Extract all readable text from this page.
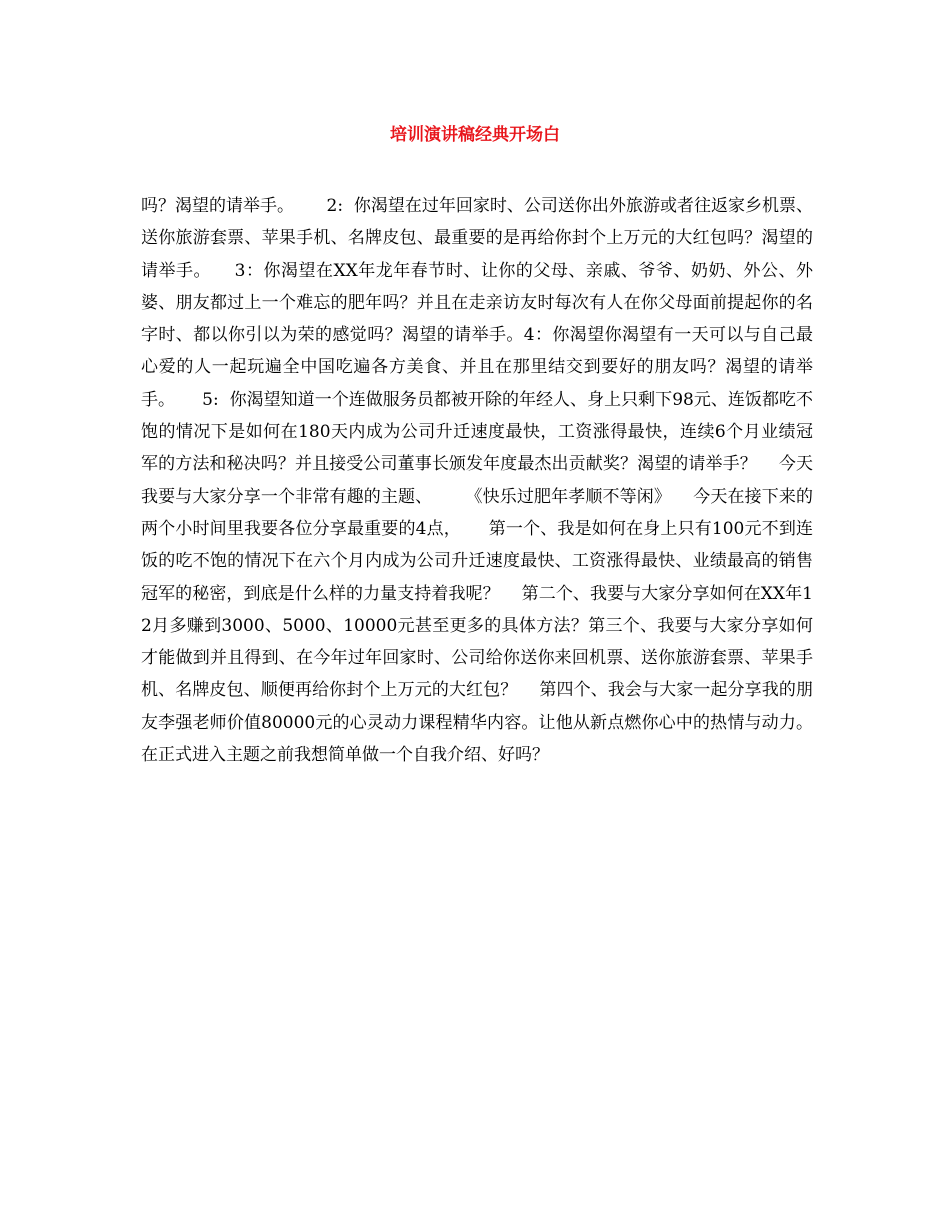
培训演讲稿经典开场白

吗？渴望的请举手。      2:  你渴望在过年回家时、公司送你出外旅游或者往返家乡机票、送你旅游套票、苹果手机、名牌皮包、最重要的是再给你封个上万元的大红包吗？渴望的请举手。    3：你渴望在XX年龙年春节时、让你的父母、亲戚、爷爷、奶奶、外公、外婆、朋友都过上一个难忘的肥年吗？并且在走亲访友时每次有人在你父母面前提起你的名字时、都以你引以为荣的感觉吗？渴望的请举手。4：你渴望你渴望有一天可以与自己最心爱的人一起玩遍全中国吃遍各方美食、并且在那里结交到要好的朋友吗？渴望的请举手。     5:  你渴望知道一个连做服务员都被开除的年经人、身上只剩下98元、连饭都吃不饱的情况下是如何在180天内成为公司升迁速度最快，工资涨得最快，连续6个月业绩冠军的方法和秘决吗？并且接受公司董事长颁发年度最杰出贡献奖？渴望的请举手？    今天我要与大家分享一个非常有趣的主题、      《快乐过肥年孝顺不等闲》    今天在接下来的两个小时间里我要各位分享最重要的4点，     第一个、我是如何在身上只有100元不到连饭的吃不饱的情况下在六个月内成为公司升迁速度最快、工资涨得最快、业绩最高的销售冠军的秘密，到底是什么样的力量支持着我呢？    第二个、我要与大家分享如何在XX年12月多赚到3000、5000、10000元甚至更多的具体方法？第三个、我要与大家分享如何才能做到并且得到、在今年过年回家时、公司给你送你来回机票、送你旅游套票、苹果手机、名牌皮包、顺便再给你封个上万元的大红包？    第四个、我会与大家一起分享我的朋友李强老师价值80000元的心灵动力课程精华内容。让他从新点燃你心中的热情与动力。     在正式进入主题之前我想简单做一个自我介绍、好吗？
